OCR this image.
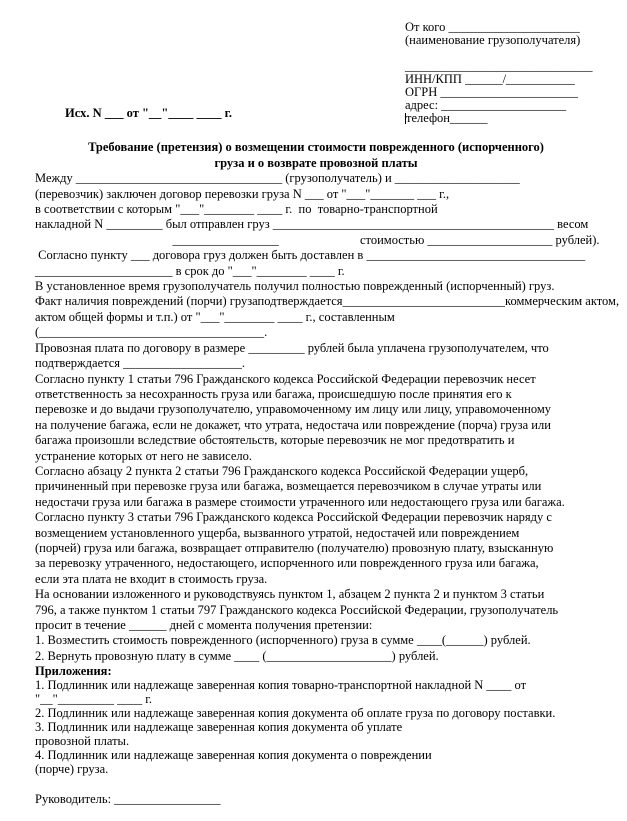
От кого _____________________
(наименование грузополучателя)
______________________________
ИНН/КПП ______/___________
ОГРН ______________________
адрес: ____________________
телефон______
Исх. N ___ от "__"____ ____ г.
Требование (претензия) о возмещении стоимости поврежденного (испорченного)
груза и о возврате провозной платы
Между _________________________________ (грузополучатель) и ____________________
(перевозчик) заключен договор перевозки груза N ___ от "___"_______ ___ г.,
в соответствии с которым "___"________ ____ г.  по  товарно-транспортной
накладной N _________ был отправлен груз _____________________________________________ весом
_________________                          стоимостью ____________________ рублей).
Согласно пункту ___ договора груз должен быть доставлен в ___________________________________
______________________ в срок до "___"________ ____ г.
В установленное время грузополучатель получил полностью поврежденный (испорченный) груз.
Факт наличия повреждений (порчи) грузаподтверждается__________________________коммерческим актом,
актом общей формы и т.п.) от "___"________ ____ г., составленным
(____________________________________.
Провозная плата по договору в размере _________ рублей была уплачена грузополучателем, что
подтверждается ___________________.
Согласно пункту 1 статьи 796 Гражданского кодекса Российской Федерации перевозчик несет
ответственность за несохранность груза или багажа, происшедшую после принятия его к
перевозке и до выдачи грузополучателю, управомоченному им лицу или лицу, управомоченному
на получение багажа, если не докажет, что утрата, недостача или повреждение (порча) груза или
багажа произошли вследствие обстоятельств, которые перевозчик не мог предотвратить и
устранение которых от него не зависело.
Согласно абзацу 2 пункта 2 статьи 796 Гражданского кодекса Российской Федерации ущерб,
причиненный при перевозке груза или багажа, возмещается перевозчиком в случае утраты или
недостачи груза или багажа в размере стоимости утраченного или недостающего груза или багажа.
Согласно пункту 3 статьи 796 Гражданского кодекса Российской Федерации перевозчик наряду с
возмещением установленного ущерба, вызванного утратой, недостачей или повреждением
(порчей) груза или багажа, возвращает отправителю (получателю) провозную плату, взысканную
за перевозку утраченного, недостающего, испорченного или поврежденного груза или багажа,
если эта плата не входит в стоимость груза.
На основании изложенного и руководствуясь пунктом 1, абзацем 2 пункта 2 и пунктом 3 статьи
796, а также пунктом 1 статьи 797 Гражданского кодекса Российской Федерации, грузополучатель
просит в течение ______ дней с момента получения претензии:
1. Возместить стоимость поврежденного (испорченного) груза в сумме ____(______) рублей.
2. Вернуть провозную плату в сумме ____ (____________________) рублей.
Приложения:
1. Подлинник или надлежаще заверенная копия товарно-транспортной накладной N ____ от
"__"_________ ____ г.
2. Подлинник или надлежаще заверенная копия документа об оплате груза по договору поставки.
3. Подлинник или надлежаще заверенная копия документа об уплате
провозной платы.
4. Подлинник или надлежаще заверенная копия документа о повреждении
(порче) груза.
Руководитель: _________________
